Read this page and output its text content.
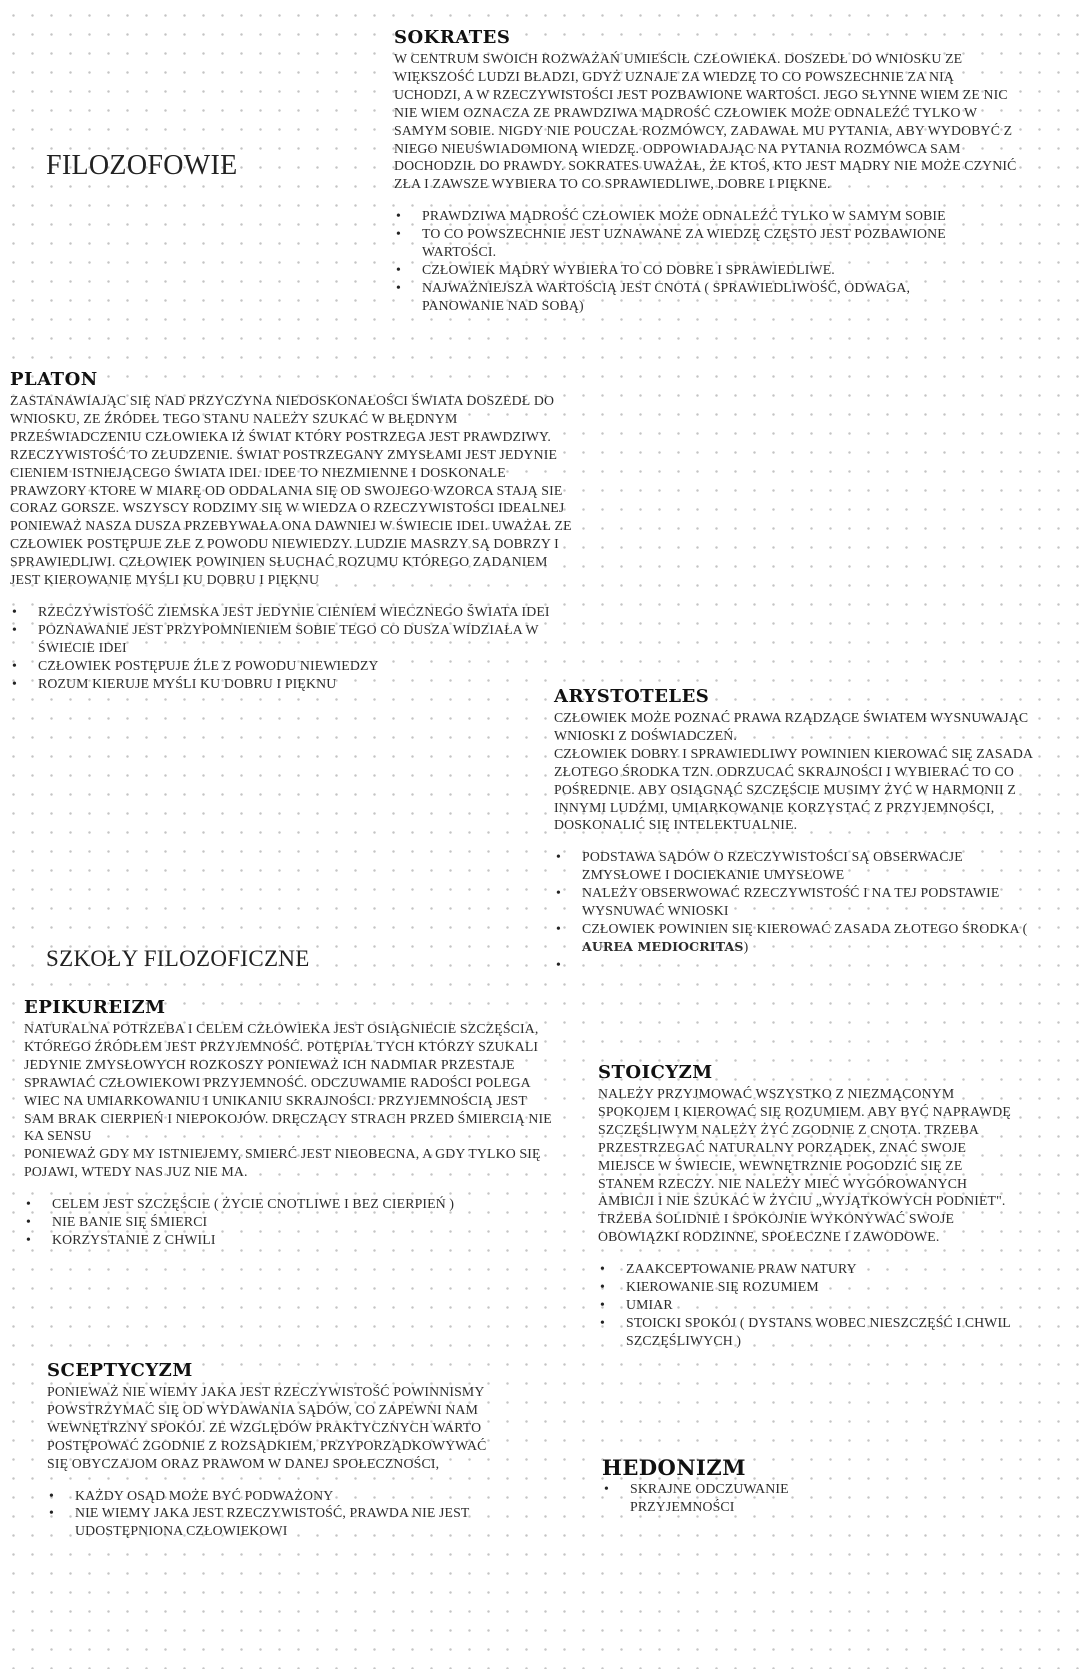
FILOZOFOWIE
SZKOŁY FILOZOFICZNE
SOKRATES

W CENTRUM SWOICH ROZWAŻAŃ UMIEŚCIŁ CZŁOWIEKA. DOSZEDŁ DO WNIOSKU ZE WIĘKSZOŚĆ LUDZI BŁADZI, GDYŻ UZNAJE ZA WIEDZĘ TO CO POWSZECHNIE ZA NIĄ UCHODZI, A W RZECZYWISTOŚCI JEST POZBAWIONE WARTOŚCI. JEGO SŁYNNE WIEM ZE NIC NIE WIEM OZNACZA ZE PRAWDZIWA MĄDROŚĆ CZŁOWIEK MOŻE ODNALEŹĆ TYLKO W SAMYM SOBIE. NIGDY NIE POUCZAŁ ROZMÓWCY, ZADAWAŁ MU PYTANIA, ABY WYDOBYĆ Z NIEGO NIEUŚWIADOMIONĄ WIEDZĘ. ODPOWIADAJĄC NA PYTANIA ROZMÓWCA SAM DOCHODZIŁ DO PRAWDY. SOKRATES UWAŻAŁ, ŻE KTOŚ, KTO JEST MĄDRY NIE MOŻE CZYNIĆ ZŁA I ZAWSZE WYBIERA TO CO SPRAWIEDLIWE, DOBRE I PIĘKNE.

• PRAWDZIWA MĄDROŚĆ CZŁOWIEK MOŻE ODNALEŹĆ TYLKO W SAMYM SOBIE
• TO CO POWSZECHNIE JEST UZNAWANE ZA WIEDZĘ CZĘSTO JEST POZBAWIONE WARTOŚCI.
• CZŁOWIEK MĄDRY WYBIERA TO CO DOBRE I SPRAWIEDLIWE.
• NAJWAŻNIEJSZA WARTOŚCIĄ JEST CNOTA ( SPRAWIEDLIWOŚĆ, ODWAGA, PANOWANIE NAD SOBĄ)
PLATON

ZASTANAWIAJĄC SIĘ NAD PRZYCZYNA NIEDOSKONAŁOŚCI ŚWIATA DOSZEDŁ DO WNIOSKU, ZE ŹRÓDEŁ TEGO STANU NALEŻY SZUKAĆ W BŁĘDNYM PRZEŚWIADCZENIU CZŁOWIEKA IŻ ŚWIAT KTÓRY POSTRZEGA JEST PRAWDZIWY. RZECZYWISTOŚĆ TO ZŁUDZENIE. ŚWIAT POSTRZEGANY ZMYSŁAMI JEST JEDYNIE CIENIEM ISTNIEJĄCEGO ŚWIATA IDEI. IDEE TO NIEZMIENNE I DOSKONALE PRAWZORY KTORE W MIARĘ OD ODDALANIA SIĘ OD SWOJEGO WZORCA STAJĄ SIE CORAZ GORSZE. WSZYSCY RODZIMY SIĘ W WIEDZA O RZECZYWISTOŚCI IDEALNEJ PONIEWAŻ NASZA DUSZA PRZEBYWAŁA ONA DAWNIEJ W ŚWIECIE IDEI. UWAŻAŁ ZE CZŁOWIEK POSTĘPUJE ZŁE Z POWODU NIEWIEDZY. LUDZIE MASRZY SĄ DOBRZY I SPRAWIEDLIWI. CZŁOWIEK POWINIEN SŁUCHAĆ ROZUMU KTÓREGO ZADANIEM JEST KIEROWANIE MYŚLI KU DOBRU I PIĘKNU

• RZECZYWISTOŚĆ ZIEMSKA JEST JEDYNIE CIENIEM WIECZNEGO ŚWIATA IDEI
• POZNAWANIE JEST PRZYPOMNIENIEM SOBIE TEGO CO DUSZA WIDZIAŁA W ŚWIECIE IDEI
• CZŁOWIEK POSTĘPUJE ŹLE Z POWODU NIEWIEDZY
• ROZUM KIERUJE MYŚLI KU DOBRU I PIĘKNU
ARYSTOTELES

CZŁOWIEK MOŻE POZNAĆ PRAWA RZĄDZĄCE ŚWIATEM WYSNUWAJĄC WNIOSKI Z DOŚWIADCZEŃ.

CZŁOWIEK DOBRY I SPRAWIEDLIWY POWINIEN KIEROWAĆ SIĘ ZASADA ZŁOTEGO ŚRODKA TZN. ODRZUCAĆ SKRAJNOŚCI I WYBIERAĆ TO CO POŚREDNIE. ABY OSIĄGNĄĆ SZCZĘŚCIE MUSIMY ŻYĆ W HARMONII Z INNYMI LUDŹMI, UMIARKOWANIE KORZYSTAĆ Z PRZYJEMNOŚCI, DOSKONALIĆ SIĘ INTELEKTUALNIE.

• PODSTAWA SĄDÓW O RZECZYWISTOŚCI SĄ OBSERWACJE ZMYSŁOWE I DOCIEKANIE UMYSŁOWE
• NALEŻY OBSERWOWAĆ RZECZYWISTOŚĆ I NA TEJ PODSTAWIE WYSNUWAĆ WNIOSKI
• CZŁOWIEK POWINIEN SIĘ KIEROWAĆ ZASADA ZŁOTEGO ŚRODKA ( AUREA MEDIOCRITAS)
•
EPIKUREIZM

NATURALNA POTRZEBA I CELEM CZŁOWIEKA JEST OSIĄGNIECIE SZCZĘŚCIA, KTÓREGO ŹRÓDŁEM JEST PRZYJEMNOŚĆ. POTĘPIAŁ TYCH KTÓRZY SZUKALI JEDYNIE ZMYSŁOWYCH ROZKOSZY PONIEWAŻ ICH NADMIAR PRZESTAJE SPRAWIAĆ CZŁOWIEKOWI PRZYJEMNOŚĆ. ODCZUWAMIE RADOŚCI POLEGA WIEC NA UMIARKOWANIU I UNIKANIU SKRAJNOŚCI. PRZYJEMNOŚCIĄ JEST SAM BRAK CIERPIEŃ I NIEPOKOJÓW. DRĘCZĄCY STRACH PRZED ŚMIERCIĄ NIE KA SENSU

PONIEWAŻ GDY MY ISTNIEJEMY, SMIERĆ JEST NIEOBECNA, A GDY TYLKO SIĘ POJAWI, WTEDY NAS JUZ NIE MA.

• CELEM JEST SZCZĘŚCIE ( ŻYCIE CNOTLIWE I BEZ CIERPIEŃ )
• NIE BANIE SIĘ ŚMIERCI
• KORZYSTANIE Z CHWILI
STOICYZM

NALEŻY PRZYJMOWAĆ WSZYSTKO Z NIEZMĄCONYM SPOKOJEM I KIEROWAĆ SIĘ ROZUMIEM. ABY BYĆ NAPRAWDĘ SZCZĘŚLIWYM NALEŻY ŻYĆ ZGODNIE Z CNOTA. TRZEBA PRZESTRZEGAĆ NATURALNY PORZĄDEK, ZNAĆ SWOJE MIEJSCE W ŚWIECIE, WEWNĘTRZNIE POGODZIĆ SIĘ ZE STANEM RZECZY. NIE NALEŻY MIEĆ WYGÓROWANYCH AMBICJI I NIE SZUKAĆ W ŻYCIU „WYJĄTKOWYCH PODNIET". TRZEBA SOLIDNIE I SPOKOJNIE WYKONYWAĆ SWOJE OBOWIĄZKI RODZINNE, SPOŁECZNE I ZAWODOWE.

• ZAAKCEPTOWANIE PRAW NATURY
• KIEROWANIE SIĘ ROZUMIEM
• UMIAR
• STOICKI SPOKÓJ ( DYSTANS WOBEC NIESZCZĘŚĆ I CHWIL SZCZĘŚLIWYCH )
SCEPTYCYZM

PONIEWAŻ NIE WIEMY JAKA JEST RZECZYWISTOŚĆ POWINNISMY POWSTRZYMAĆ SIĘ OD WYDAWANIA SĄDÓW, CO ZAPEWNI NAM WEWNĘTRZNY SPOKÓJ. ZE WZGLĘDÓW PRAKTYCZNYCH WARTO POSTĘPOWAĆ ZGODNIE Z ROZSĄDKIEM, PRZYPORZĄDKOWYWAĆ SIĘ OBYCZAJOM ORAZ PRAWOM W DANEJ SPOŁECZNOŚCI,

• KAŻDY OSĄD MOŻE BYĆ PODWAŻONY
• NIE WIEMY JAKA JEST RZECZYWISTOŚĆ, PRAWDA NIE JEST UDOSTĘPNIONA CZŁOWIEKOWI
HEDONIZM
• SKRAJNE ODCZUWANIE PRZYJEMNOŚCI
